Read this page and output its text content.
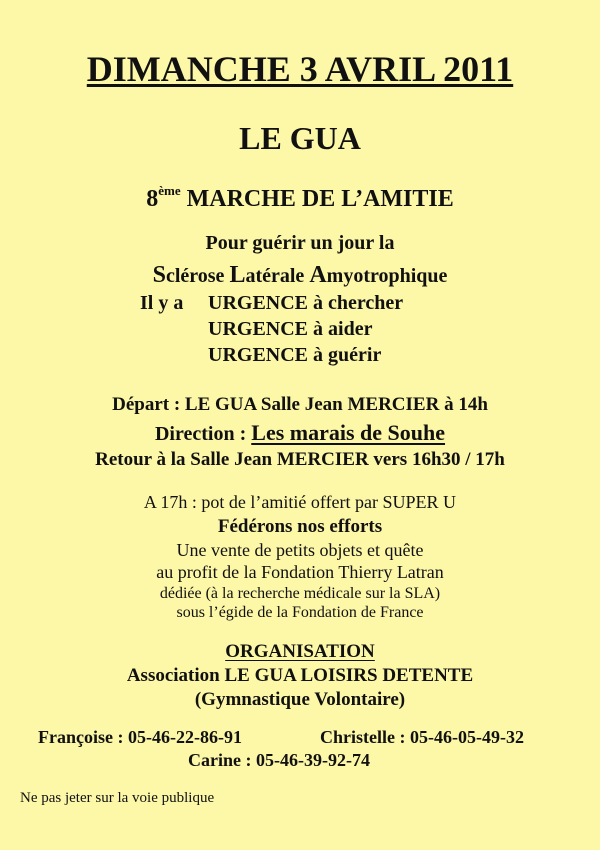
DIMANCHE 3 AVRIL 2011
LE GUA
8ème MARCHE DE L’AMITIE
Pour guérir un jour la
Sclérose Latérale Amyotrophique
Il y a URGENCE à chercher
URGENCE à aider
URGENCE à guérir
Départ : LE GUA Salle Jean MERCIER à 14h
Direction : Les marais de Souhe
Retour à la Salle Jean MERCIER vers 16h30 / 17h
A 17h : pot de l’amitié offert par SUPER U
Fédérons nos efforts
Une vente de petits objets et quête
au profit de la Fondation Thierry Latran
dédiée (à la recherche médicale sur la SLA)
sous l’égide de la Fondation de France
ORGANISATION
Association LE GUA LOISIRS DETENTE
(Gymnastique Volontaire)
Françoise : 05-46-22-86-91	Christelle : 05-46-05-49-32
Carine : 05-46-39-92-74
Ne pas jeter sur la voie publique
